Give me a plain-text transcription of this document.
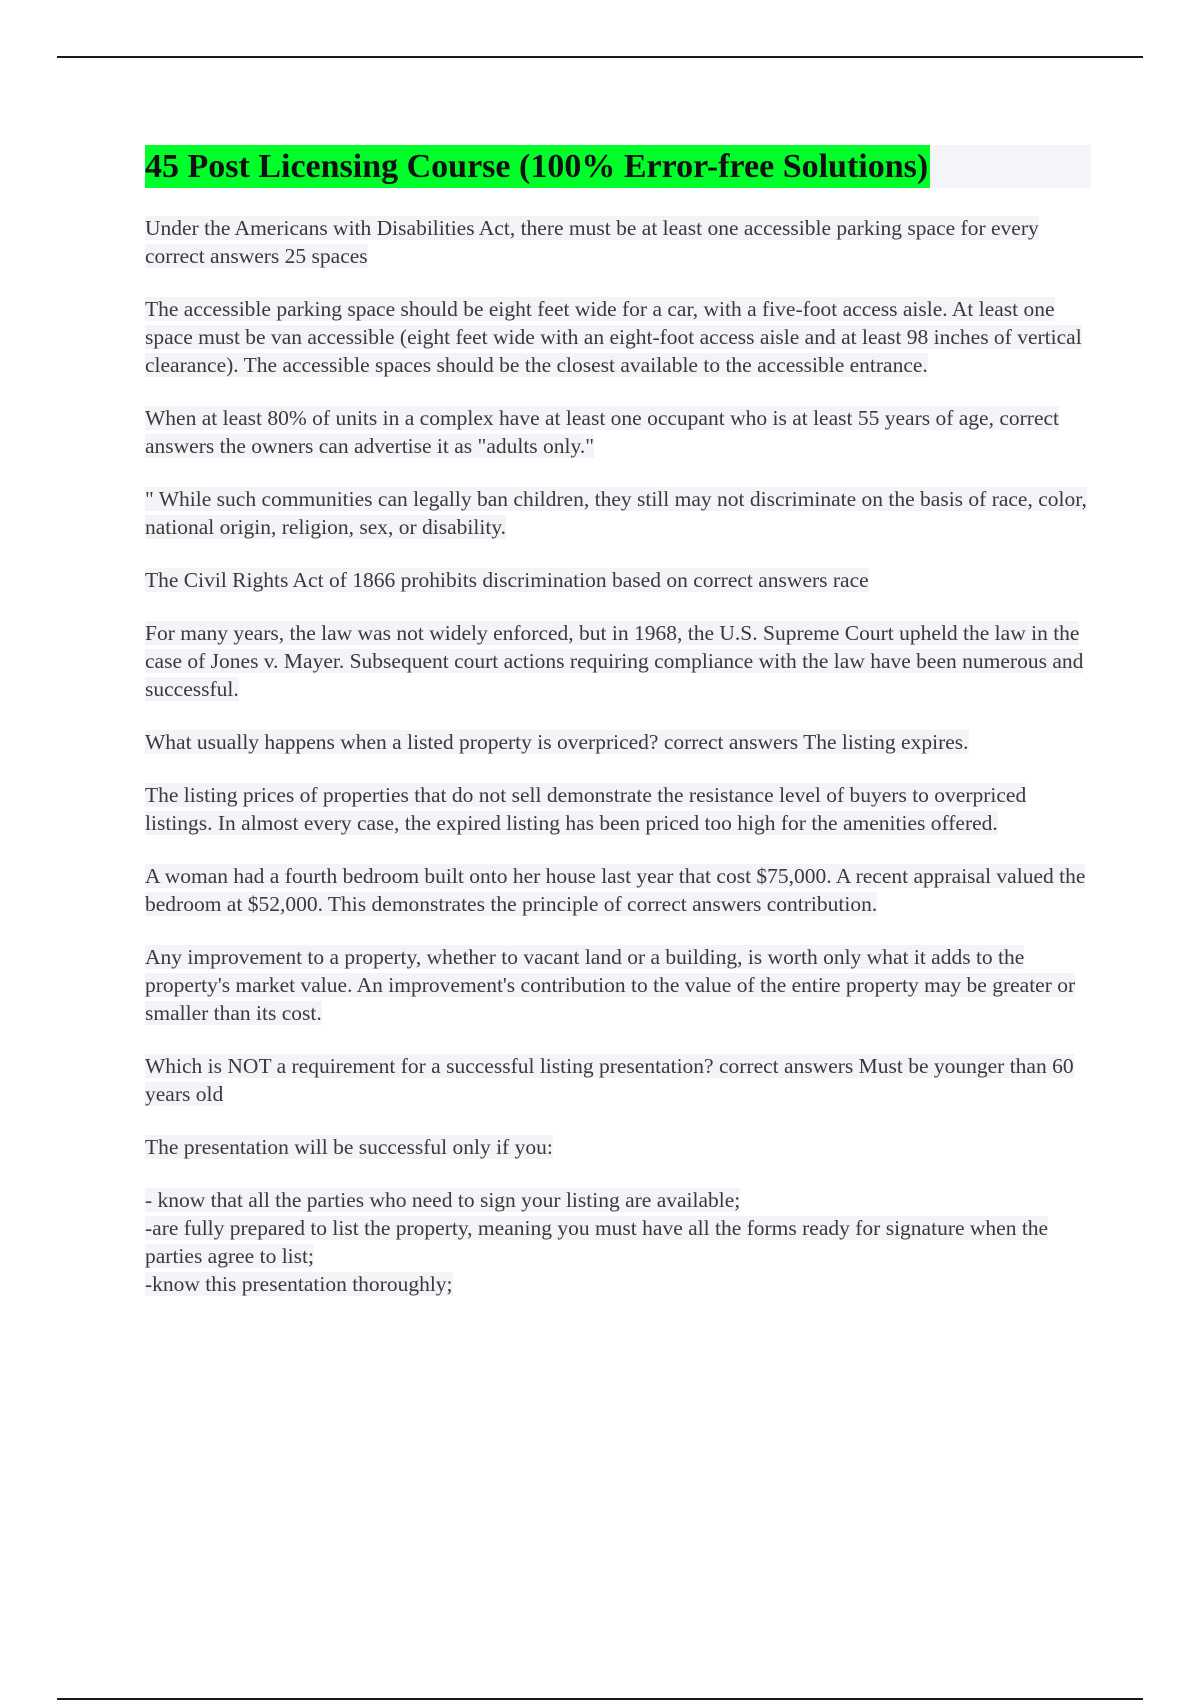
45 Post Licensing Course (100% Error-free Solutions)

Under the Americans with Disabilities Act, there must be at least one accessible parking space for every correct answers 25 spaces

The accessible parking space should be eight feet wide for a car, with a five-foot access aisle. At least one space must be van accessible (eight feet wide with an eight-foot access aisle and at least 98 inches of vertical clearance). The accessible spaces should be the closest available to the accessible entrance.

When at least 80% of units in a complex have at least one occupant who is at least 55 years of age, correct answers the owners can advertise it as "adults only."

" While such communities can legally ban children, they still may not discriminate on the basis of race, color, national origin, religion, sex, or disability.

The Civil Rights Act of 1866 prohibits discrimination based on correct answers race

For many years, the law was not widely enforced, but in 1968, the U.S. Supreme Court upheld the law in the case of Jones v. Mayer. Subsequent court actions requiring compliance with the law have been numerous and successful.

What usually happens when a listed property is overpriced? correct answers The listing expires.

The listing prices of properties that do not sell demonstrate the resistance level of buyers to overpriced listings. In almost every case, the expired listing has been priced too high for the amenities offered.

A woman had a fourth bedroom built onto her house last year that cost $75,000. A recent appraisal valued the bedroom at $52,000. This demonstrates the principle of correct answers contribution.

Any improvement to a property, whether to vacant land or a building, is worth only what it adds to the property's market value. An improvement's contribution to the value of the entire property may be greater or smaller than its cost.

Which is NOT a requirement for a successful listing presentation? correct answers Must be younger than 60 years old

The presentation will be successful only if you:

- know that all the parties who need to sign your listing are available;

-are fully prepared to list the property, meaning you must have all the forms ready for signature when the parties agree to list;

-know this presentation thoroughly;
